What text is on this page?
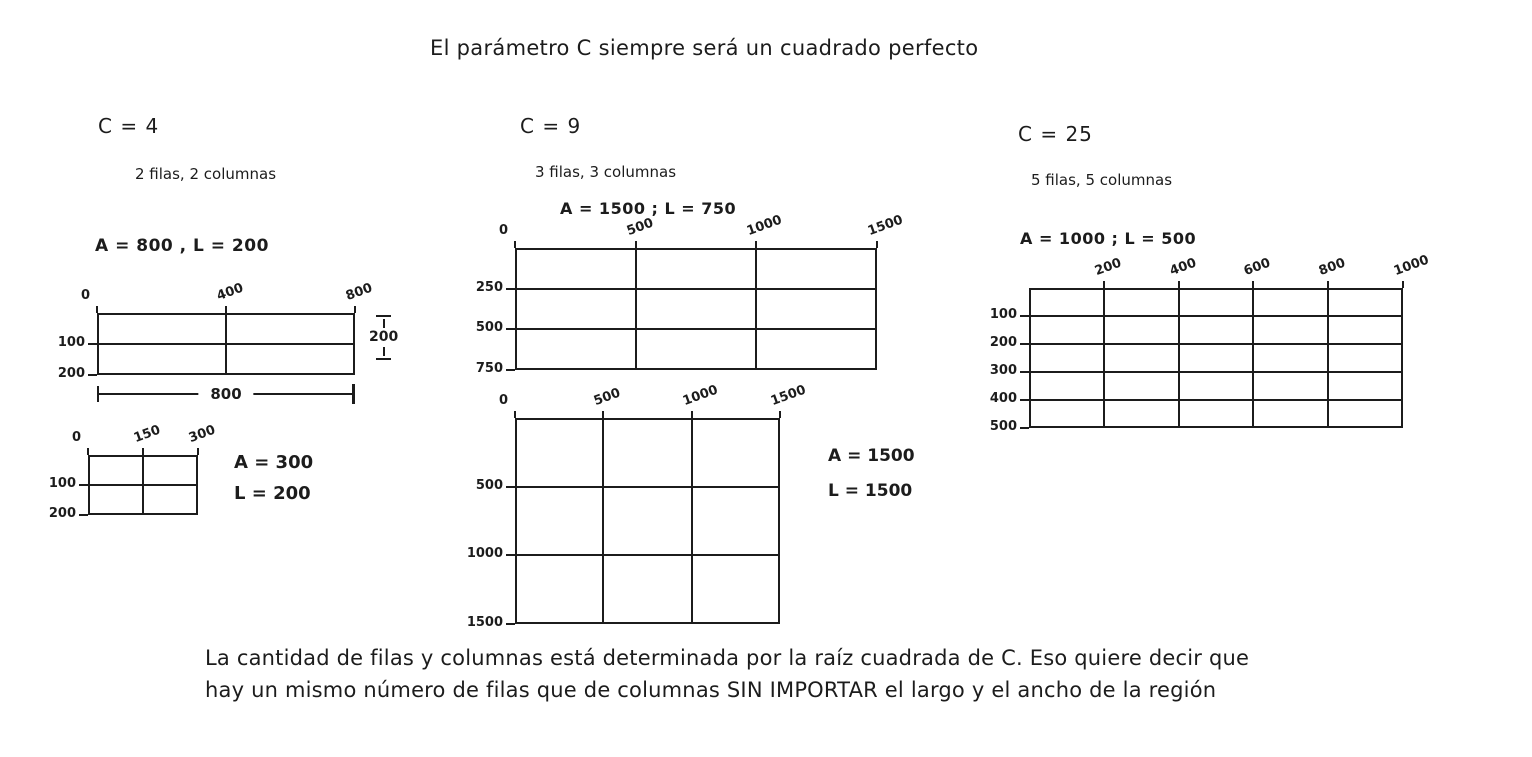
El parámetro C siempre será un cuadrado perfecto
C = 4
2 filas, 2 columnas
A = 800 , L = 200
C = 9
3 filas, 3 columnas
A = 1500 ; L = 750
C = 25
5 filas, 5 columnas
A = 1000 ; L = 500
A = 300
L = 200
A = 1500
L = 1500
0	400	800
100
200
200
800
0	150 300
100
200
0	500	1000	1500
250
500
750
0	500	1000	1500
500
1000
1500
200	400	600	800	1000
100
200
300
400
500
La cantidad de filas y columnas está determinada por la raíz cuadrada de C. Eso quiere decir que
hay un mismo número de filas que de columnas SIN IMPORTAR el largo y el ancho de la región
